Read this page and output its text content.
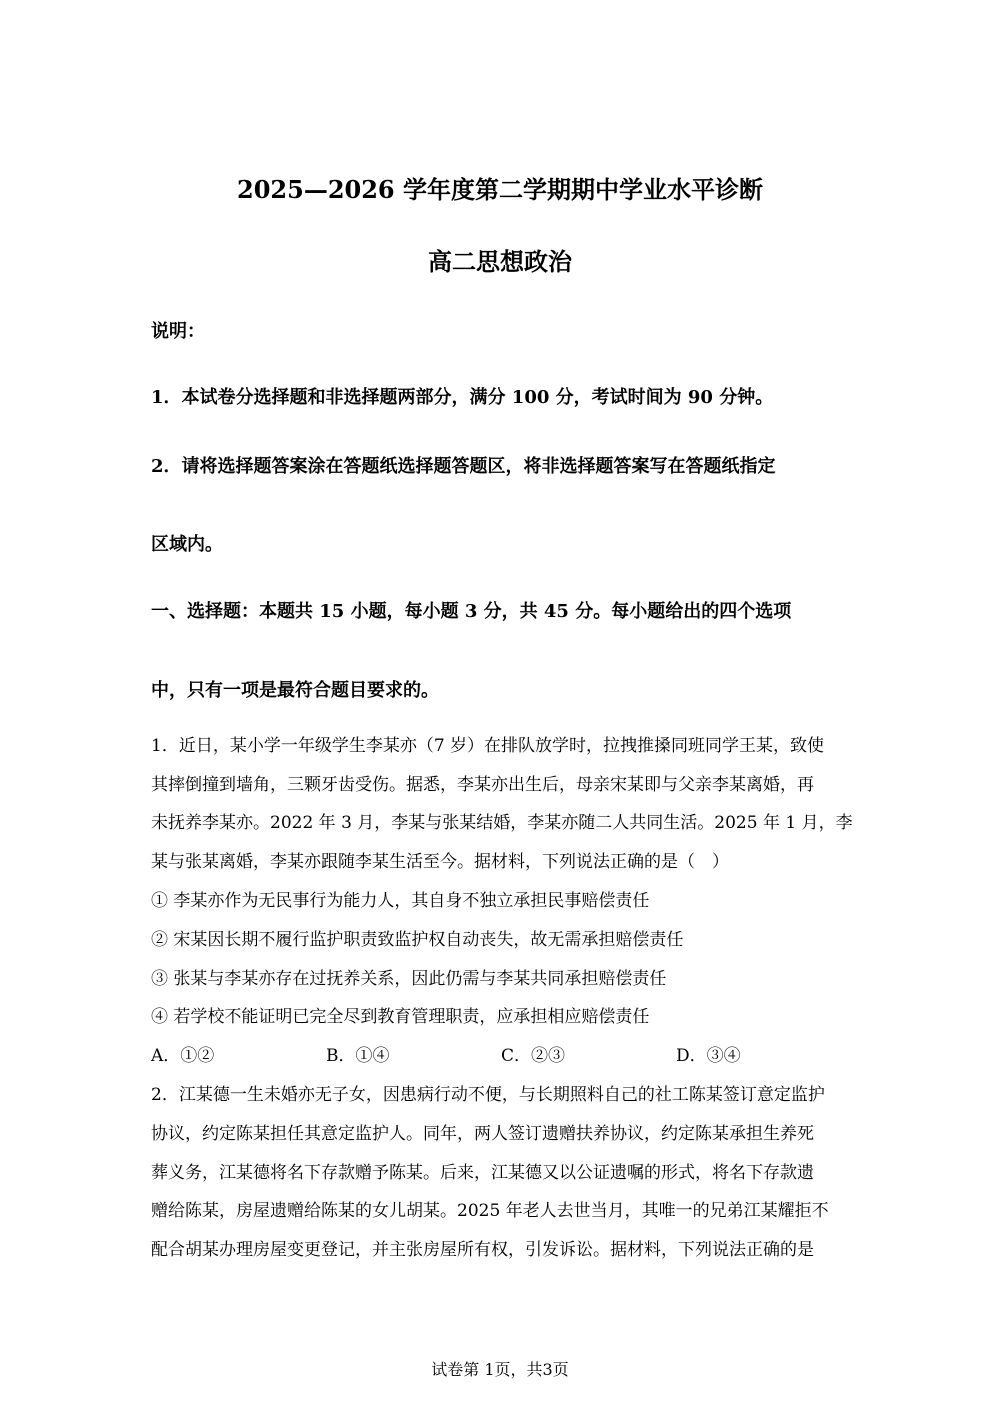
2025—2026 学年度第二学期期中学业水平诊断
高二思想政治
说明：
1．本试卷分选择题和非选择题两部分，满分 100 分，考试时间为 90 分钟。
2．请将选择题答案涂在答题纸选择题答题区，将非选择题答案写在答题纸指定
区域内。
一、选择题：本题共 15 小题，每小题 3 分，共 45 分。每小题给出的四个选项
中，只有一项是最符合题目要求的。
1．近日，某小学一年级学生李某亦（7 岁）在排队放学时，拉拽推搡同班同学王某，致使
其摔倒撞到墙角，三颗牙齿受伤。据悉，李某亦出生后，母亲宋某即与父亲李某离婚，再
未抚养李某亦。2022 年 3 月，李某与张某结婚，李某亦随二人共同生活。2025 年 1 月，李
某与张某离婚，李某亦跟随李某生活至今。据材料，下列说法正确的是（　）
① 李某亦作为无民事行为能力人，其自身不独立承担民事赔偿责任
② 宋某因长期不履行监护职责致监护权自动丧失，故无需承担赔偿责任
③ 张某与李某亦存在过抚养关系，因此仍需与李某共同承担赔偿责任
④ 若学校不能证明已完全尽到教育管理职责，应承担相应赔偿责任
A．①②	B．①④	C．②③	D．③④
2．江某德一生未婚亦无子女，因患病行动不便，与长期照料自己的社工陈某签订意定监护
协议，约定陈某担任其意定监护人。同年，两人签订遗赠扶养协议，约定陈某承担生养死
葬义务，江某德将名下存款赠予陈某。后来，江某德又以公证遗嘱的形式，将名下存款遗
赠给陈某，房屋遗赠给陈某的女儿胡某。2025 年老人去世当月，其唯一的兄弟江某耀拒不
配合胡某办理房屋变更登记，并主张房屋所有权，引发诉讼。据材料，下列说法正确的是
试卷第 1页，共3页
